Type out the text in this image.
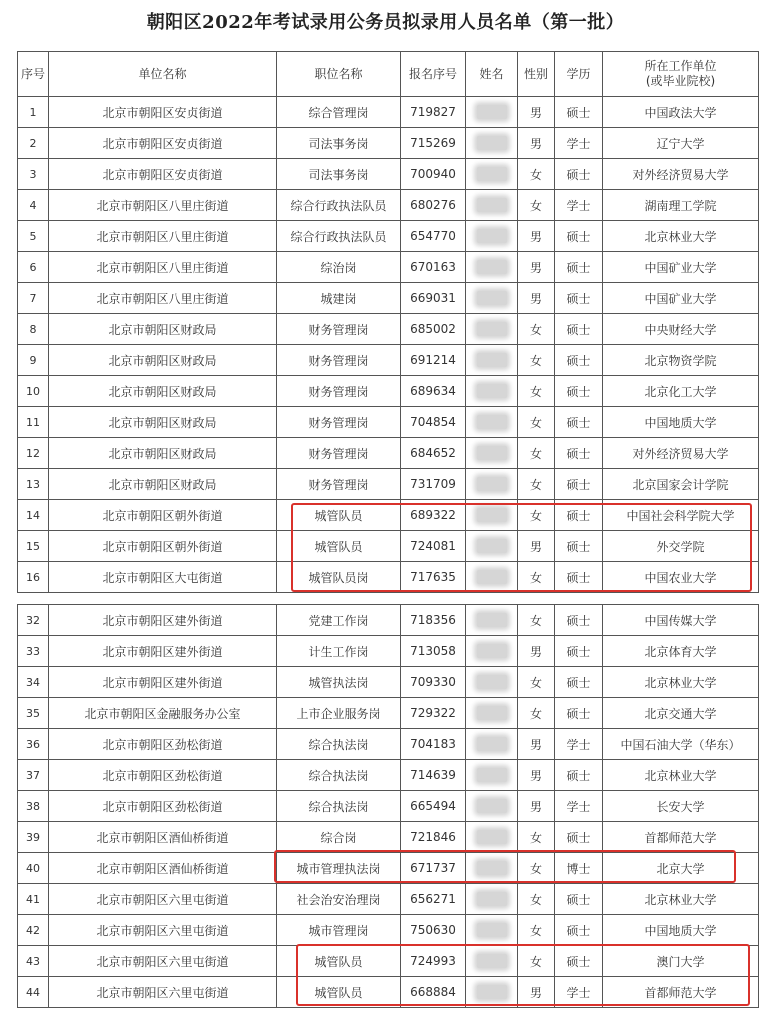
朝阳区2022年考试录用公务员拟录用人员名单（第一批）
序号	单位名称	职位名称	报名序号	姓名	性别	学历	所在工作单位
(或毕业院校)
1	北京市朝阳区安贞街道	综合管理岗	719827		男	硕士	中国政法大学
2	北京市朝阳区安贞街道	司法事务岗	715269		男	学士	辽宁大学
3	北京市朝阳区安贞街道	司法事务岗	700940		女	硕士	对外经济贸易大学
4	北京市朝阳区八里庄街道	综合行政执法队员	680276		女	学士	湖南理工学院
5	北京市朝阳区八里庄街道	综合行政执法队员	654770		男	硕士	北京林业大学
6	北京市朝阳区八里庄街道	综治岗	670163		男	硕士	中国矿业大学
7	北京市朝阳区八里庄街道	城建岗	669031		男	硕士	中国矿业大学
8	北京市朝阳区财政局	财务管理岗	685002		女	硕士	中央财经大学
9	北京市朝阳区财政局	财务管理岗	691214		女	硕士	北京物资学院
10	北京市朝阳区财政局	财务管理岗	689634		女	硕士	北京化工大学
11	北京市朝阳区财政局	财务管理岗	704854		女	硕士	中国地质大学
12	北京市朝阳区财政局	财务管理岗	684652		女	硕士	对外经济贸易大学
13	北京市朝阳区财政局	财务管理岗	731709		女	硕士	北京国家会计学院
14	北京市朝阳区朝外街道	城管队员	689322		女	硕士	中国社会科学院大学
15	北京市朝阳区朝外街道	城管队员	724081		男	硕士	外交学院
16	北京市朝阳区大屯街道	城管队员岗	717635		女	硕士	中国农业大学
32	北京市朝阳区建外街道	党建工作岗	718356		女	硕士	中国传媒大学
33	北京市朝阳区建外街道	计生工作岗	713058		男	硕士	北京体育大学
34	北京市朝阳区建外街道	城管执法岗	709330		女	硕士	北京林业大学
35	北京市朝阳区金融服务办公室	上市企业服务岗	729322		女	硕士	北京交通大学
36	北京市朝阳区劲松街道	综合执法岗	704183		男	学士	中国石油大学（华东）
37	北京市朝阳区劲松街道	综合执法岗	714639		男	硕士	北京林业大学
38	北京市朝阳区劲松街道	综合执法岗	665494		男	学士	长安大学
39	北京市朝阳区酒仙桥街道	综合岗	721846		女	硕士	首都师范大学
40	北京市朝阳区酒仙桥街道	城市管理执法岗	671737		女	博士	北京大学
41	北京市朝阳区六里屯街道	社会治安治理岗	656271		女	硕士	北京林业大学
42	北京市朝阳区六里屯街道	城市管理岗	750630		女	硕士	中国地质大学
43	北京市朝阳区六里屯街道	城管队员	724993		女	硕士	澳门大学
44	北京市朝阳区六里屯街道	城管队员	668884		男	学士	首都师范大学
